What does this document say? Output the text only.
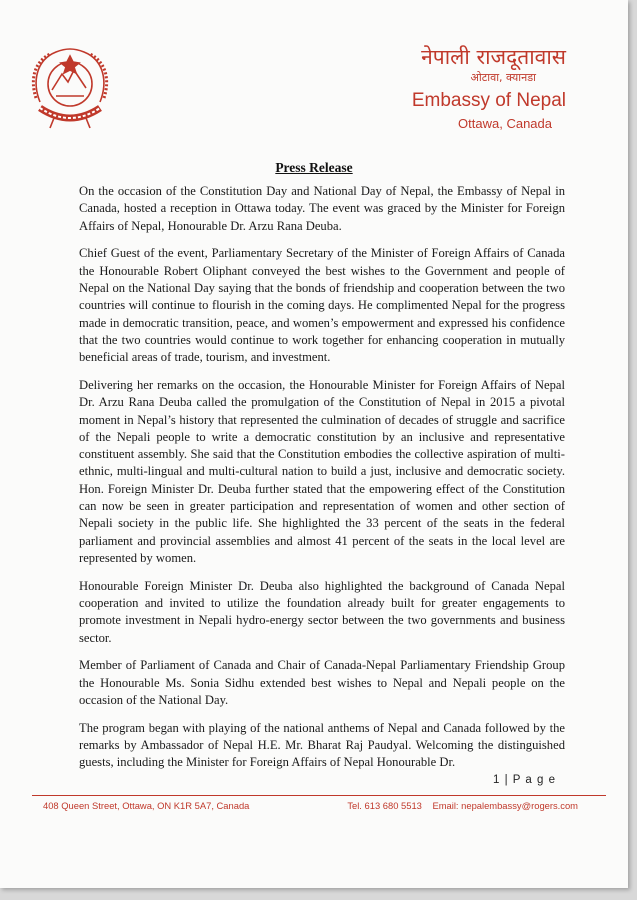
नेपाली राजदूतावास
ओटावा, क्यानडा
Embassy of Nepal
Ottawa, Canada
Press Release

On the occasion of the Constitution Day and National Day of Nepal, the Embassy of Nepal in Canada, hosted a reception in Ottawa today. The event was graced by the Minister for Foreign Affairs of Nepal, Honourable Dr. Arzu Rana Deuba.

Chief Guest of the event, Parliamentary Secretary of the Minister of Foreign Affairs of Canada the Honourable Robert Oliphant conveyed the best wishes to the Government and people of Nepal on the National Day saying that the bonds of friendship and cooperation between the two countries will continue to flourish in the coming days. He complimented Nepal for the progress made in democratic transition, peace, and women’s empowerment and expressed his confidence that the two countries would continue to work together for enhancing cooperation in mutually beneficial areas of trade, tourism, and investment.

Delivering her remarks on the occasion, the Honourable Minister for Foreign Affairs of Nepal Dr. Arzu Rana Deuba called the promulgation of the Constitution of Nepal in 2015 a pivotal moment in Nepal’s history that represented the culmination of decades of struggle and sacrifice of the Nepali people to write a democratic constitution by an inclusive and representative constituent assembly. She said that the Constitution embodies the collective aspiration of multi-ethnic, multi-lingual and multi-cultural nation to build a just, inclusive and democratic society. Hon. Foreign Minister Dr. Deuba further stated that the empowering effect of the Constitution can now be seen in greater participation and representation of women and other section of Nepali society in the public life. She highlighted the 33 percent of the seats in the federal parliament and provincial assemblies and almost 41 percent of the seats in the local level are represented by women.

Honourable Foreign Minister Dr. Deuba also highlighted the background of Canada Nepal cooperation and invited to utilize the foundation already built for greater engagements to promote investment in Nepali hydro-energy sector between the two governments and business sector.

Member of Parliament of Canada and Chair of Canada-Nepal Parliamentary Friendship Group the Honourable Ms. Sonia Sidhu extended best wishes to Nepal and Nepali people on the occasion of the National Day.

The program began with playing of the national anthems of Nepal and Canada followed by the remarks by Ambassador of Nepal H.E. Mr. Bharat Raj Paudyal. Welcoming the distinguished guests, including the Minister for Foreign Affairs of Nepal Honourable Dr.

1 | P a g e
408 Queen Street, Ottawa, ON K1R 5A7, Canada	Tel. 613 680 5513 Email: nepalembassy@rogers.com
